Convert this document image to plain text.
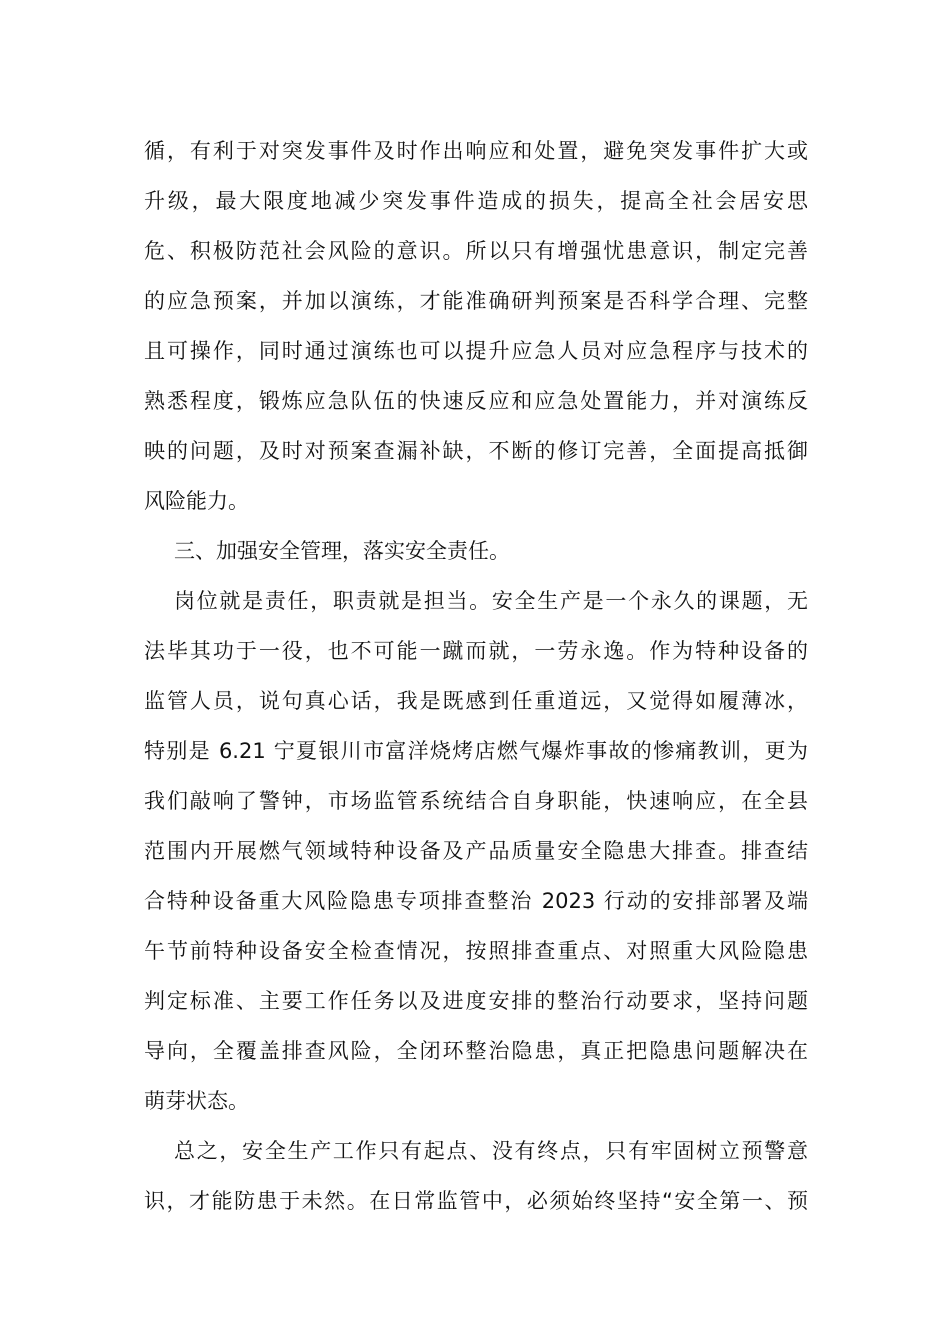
循，有利于对突发事件及时作出响应和处置，避免突发事件扩大或
升级，最大限度地减少突发事件造成的损失，提高全社会居安思
危、积极防范社会风险的意识。所以只有增强忧患意识，制定完善
的应急预案，并加以演练，才能准确研判预案是否科学合理、完整
且可操作，同时通过演练也可以提升应急人员对应急程序与技术的
熟悉程度，锻炼应急队伍的快速反应和应急处置能力，并对演练反
映的问题，及时对预案查漏补缺，不断的修订完善，全面提高抵御
风险能力。
三、加强安全管理，落实安全责任。
岗位就是责任，职责就是担当。安全生产是一个永久的课题，无
法毕其功于一役，也不可能一蹴而就，一劳永逸。作为特种设备的
监管人员，说句真心话，我是既感到任重道远，又觉得如履薄冰，
特别是 6.21 宁夏银川市富洋烧烤店燃气爆炸事故的惨痛教训，更为
我们敲响了警钟，市场监管系统结合自身职能，快速响应，在全县
范围内开展燃气领域特种设备及产品质量安全隐患大排查。排查结
合特种设备重大风险隐患专项排查整治 2023 行动的安排部署及端
午节前特种设备安全检查情况，按照排查重点、对照重大风险隐患
判定标准、主要工作任务以及进度安排的整治行动要求，坚持问题
导向，全覆盖排查风险，全闭环整治隐患，真正把隐患问题解决在
萌芽状态。
总之，安全生产工作只有起点、没有终点，只有牢固树立预警意
识，才能防患于未然。在日常监管中，必须始终坚持“安全第一、预
